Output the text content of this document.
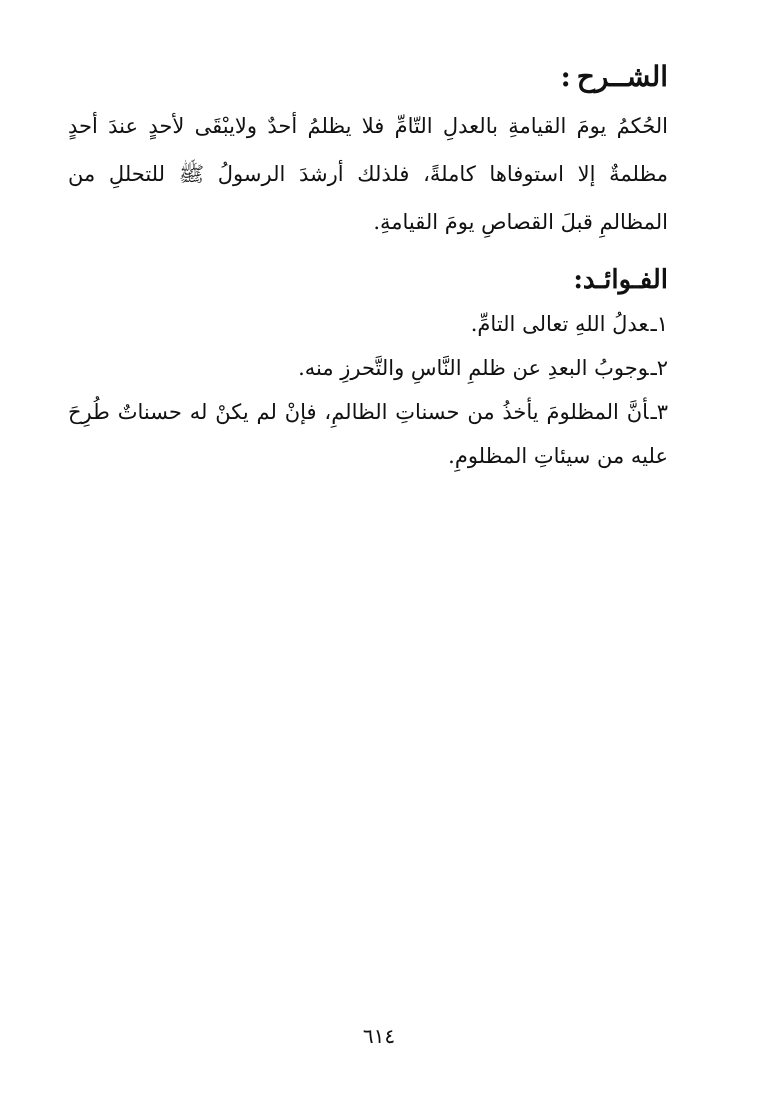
الشــرح:

الحُكمُ يومَ القيامةِ بالعدلِ التّامِّ فلا يظلمُ أحدٌ ولايبْقَى لأحدٍ عندَ أحدٍ مظلمةٌ إلا استوفاها كاملةً، فلذلك أرشدَ الرسولُ ﷺ للتحللِ من المظالمِ قبلَ القصاصِ يومَ القيامةِ.

الفـوائـد:
١ـعدلُ اللهِ تعالى التامِّ.
٢ـوجوبُ البعدِ عن ظلمِ النَّاسِ والتَّحرزِ منه.
٣ـأنَّ المظلومَ يأخذُ من حسناتِ الظالمِ، فإنْ لم يكنْ له حسناتٌ طُرِحَ عليه من سيئاتِ المظلومِ.
٦١٤
